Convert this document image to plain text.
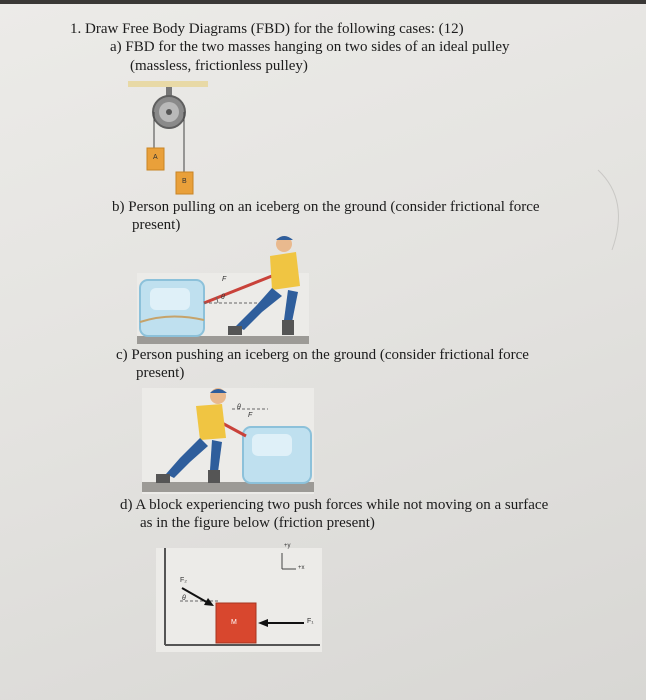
1. Draw Free Body Diagrams (FBD) for the following cases: (12)
a) FBD for the two masses hanging on two sides of an ideal pulley
(massless, frictionless pulley)
b) Person pulling on an iceberg on the ground (consider frictional force
present)
c) Person pushing an iceberg on the ground (consider frictional force
present)
d) A block experiencing two push forces while not moving on a surface
as in the figure below (friction present)
A
B
F
θ
θ
F
F₂
θ
M	F₁
+y
+x
